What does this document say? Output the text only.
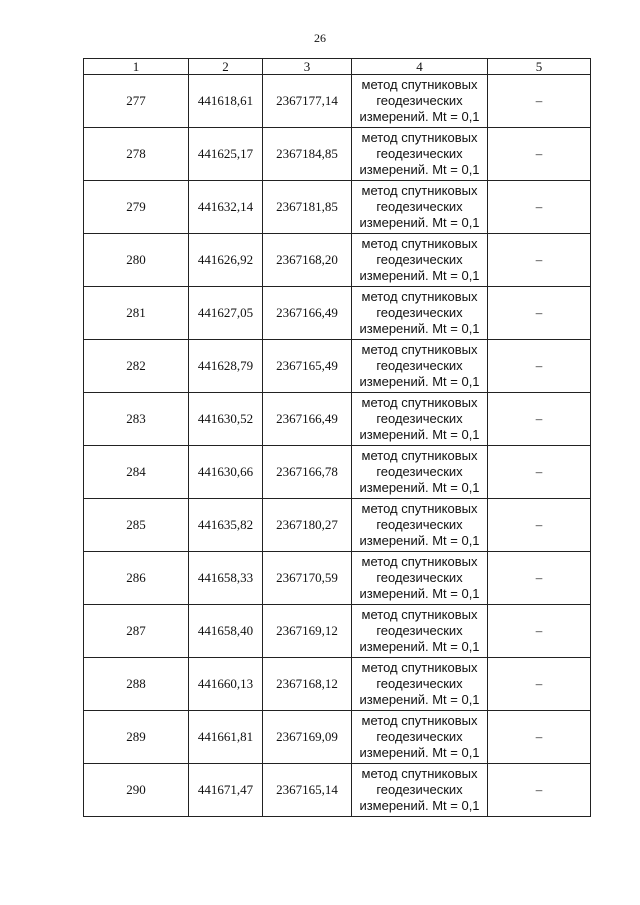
26
1	2	3	4	5
277	441618,61	2367177,14	метод спутниковых
геодезических
измерений. Mt = 0,1	–
278	441625,17	2367184,85	метод спутниковых
геодезических
измерений. Mt = 0,1	–
279	441632,14	2367181,85	метод спутниковых
геодезических
измерений. Mt = 0,1	–
280	441626,92	2367168,20	метод спутниковых
геодезических
измерений. Mt = 0,1	–
281	441627,05	2367166,49	метод спутниковых
геодезических
измерений. Mt = 0,1	–
282	441628,79	2367165,49	метод спутниковых
геодезических
измерений. Mt = 0,1	–
283	441630,52	2367166,49	метод спутниковых
геодезических
измерений. Mt = 0,1	–
284	441630,66	2367166,78	метод спутниковых
геодезических
измерений. Mt = 0,1	–
285	441635,82	2367180,27	метод спутниковых
геодезических
измерений. Mt = 0,1	–
286	441658,33	2367170,59	метод спутниковых
геодезических
измерений. Mt = 0,1	–
287	441658,40	2367169,12	метод спутниковых
геодезических
измерений. Mt = 0,1	–
288	441660,13	2367168,12	метод спутниковых
геодезических
измерений. Mt = 0,1	–
289	441661,81	2367169,09	метод спутниковых
геодезических
измерений. Mt = 0,1	–
290	441671,47	2367165,14	метод спутниковых
геодезических
измерений. Mt = 0,1	–
